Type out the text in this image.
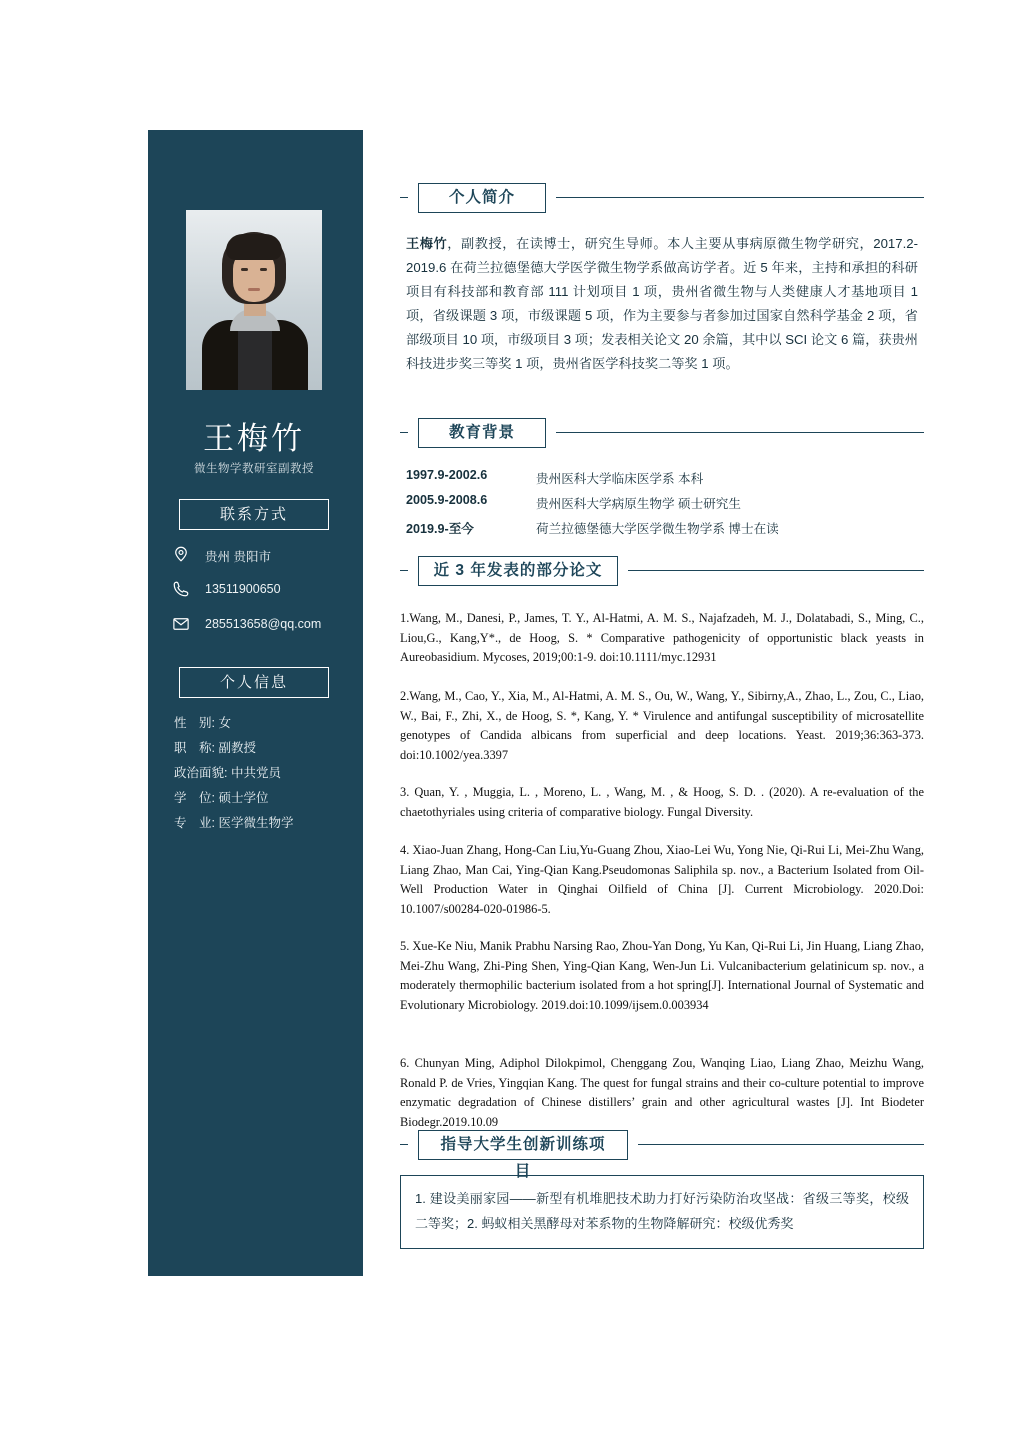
王梅竹
微生物学教研室副教授
联系方式
贵州 贵阳市
13511900650
285513658@qq.com
个人信息
性　别: 女
职　称: 副教授
政治面貌: 中共党员
学　位: 硕士学位
专　业: 医学微生物学
个人简介
王梅竹，副教授，在读博士，研究生导师。本人主要从事病原微生物学研究，2017.2-2019.6 在荷兰拉德堡德大学医学微生物学系做高访学者。近 5 年来，主持和承担的科研项目有科技部和教育部 111 计划项目 1 项，贵州省微生物与人类健康人才基地项目 1 项，省级课题 3 项，市级课题 5 项，作为主要参与者参加过国家自然科学基金 2 项，省部级项目 10 项，市级项目 3 项；发表相关论文 20 余篇，其中以 SCI 论文 6 篇，获贵州科技进步奖三等奖 1 项，贵州省医学科技奖二等奖 1 项。
教育背景
1997.9-2002.6	贵州医科大学临床医学系 本科
2005.9-2008.6	贵州医科大学病原生物学 硕士研究生
2019.9-至今	荷兰拉德堡德大学医学微生物学系 博士在读
近 3 年发表的部分论文
1.Wang, M., Danesi, P., James, T. Y., Al‐Hatmi, A. M. S., Najafzadeh, M. J., Dolatabadi, S., Ming, C., Liou,G., Kang,Y*., de Hoog, S. * Comparative pathogenicity of opportunistic black yeasts in Aureobasidium. Mycoses, 2019;00:1-9. doi:10.1111/myc.12931
2.Wang, M., Cao, Y., Xia, M., Al‐Hatmi, A. M. S., Ou, W., Wang, Y., Sibirny,A., Zhao, L., Zou, C., Liao, W., Bai, F., Zhi, X., de Hoog, S. *, Kang, Y. * Virulence and antifungal susceptibility of microsatellite genotypes of Candida albicans from superficial and deep locations. Yeast. 2019;36:363-373. doi:10.1002/yea.3397
3. Quan, Y. , Muggia, L. , Moreno, L. , Wang, M. , & Hoog, S. D. . (2020). A re-evaluation of the chaetothyriales using criteria of comparative biology. Fungal Diversity.
4. Xiao-Juan Zhang, Hong-Can Liu,Yu-Guang Zhou, Xiao-Lei Wu, Yong Nie, Qi‐Rui Li, Mei-Zhu Wang, Liang Zhao, Man Cai, Ying-Qian Kang.Pseudomonas Saliphila sp. nov., a Bacterium Isolated from Oil-Well Production Water in Qinghai Oilfield of China [J]. Current Microbiology. 2020.Doi: 10.1007/s00284-020-01986-5.
5. Xue-Ke Niu, Manik Prabhu Narsing Rao, Zhou-Yan Dong, Yu Kan, Qi-Rui Li, Jin Huang, Liang Zhao, Mei-Zhu Wang, Zhi-Ping Shen, Ying-Qian Kang, Wen-Jun Li. Vulcanibacterium gelatinicum sp. nov., a moderately thermophilic bacterium isolated from a hot spring[J]. International Journal of Systematic and Evolutionary Microbiology. 2019.doi:10.1099/ijsem.0.003934
6. Chunyan Ming, Adiphol Dilokpimol, Chenggang Zou, Wanqing Liao, Liang Zhao, Meizhu Wang, Ronald P. de Vries, Yingqian Kang. The quest for fungal strains and their co-culture potential to improve enzymatic degradation of Chinese distillers’ grain and other agricultural wastes [J]. Int Biodeter Biodegr.2019.10.09
指导大学生创新训练项目
1. 建设美丽家园——新型有机堆肥技术助力打好污染防治攻坚战：省级三等奖，校级二等奖；2. 蚂蚁相关黑酵母对苯系物的生物降解研究：校级优秀奖
